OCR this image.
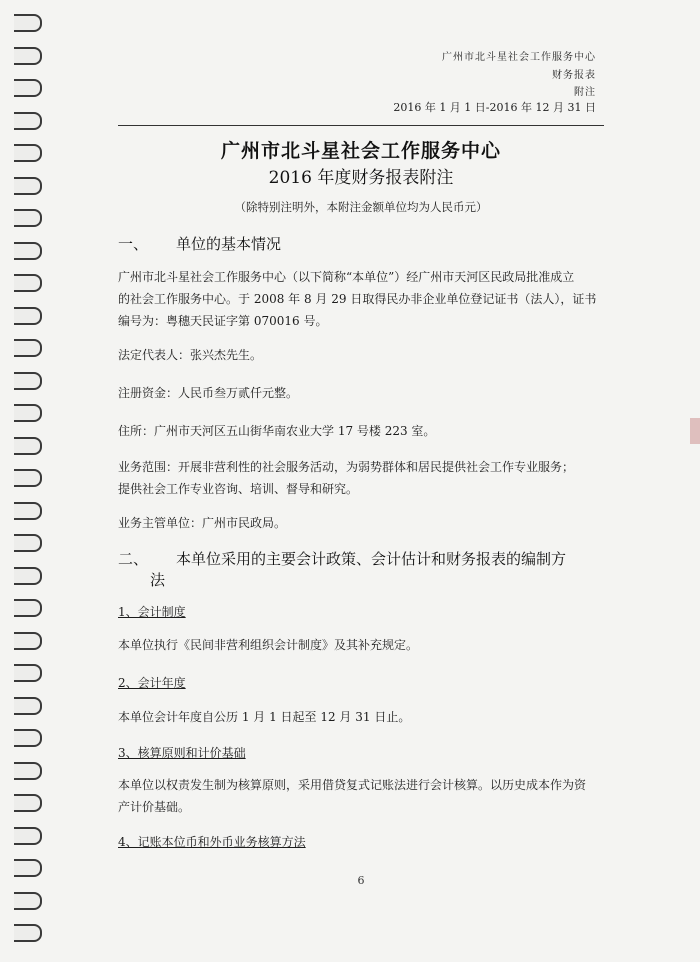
广州市北斗星社会工作服务中心
财务报表
附注
2016 年 1 月 1 日-2016 年 12 月 31 日
广州市北斗星社会工作服务中心
2016 年度财务报表附注
（除特别注明外，本附注金额单位均为人民币元）
一、 单位的基本情况
广州市北斗星社会工作服务中心（以下简称“本单位”）经广州市天河区民政局批准成立
的社会工作服务中心。于 2008 年 8 月 29 日取得民办非企业单位登记证书（法人），证书
编号为：粤穗天民证字第 070016 号。
法定代表人：张兴杰先生。
注册资金：人民币叁万贰仟元整。
住所：广州市天河区五山街华南农业大学 17 号楼 223 室。
业务范围：开展非营利性的社会服务活动，为弱势群体和居民提供社会工作专业服务；
提供社会工作专业咨询、培训、督导和研究。
业务主管单位：广州市民政局。
二、 本单位采用的主要会计政策、会计估计和财务报表的编制方
法
1、会计制度
本单位执行《民间非营利组织会计制度》及其补充规定。
2、会计年度
本单位会计年度自公历 1 月 1 日起至 12 月 31 日止。
3、核算原则和计价基础
本单位以权责发生制为核算原则，采用借贷复式记账法进行会计核算。以历史成本作为资
产计价基础。
4、记账本位币和外币业务核算方法
6
